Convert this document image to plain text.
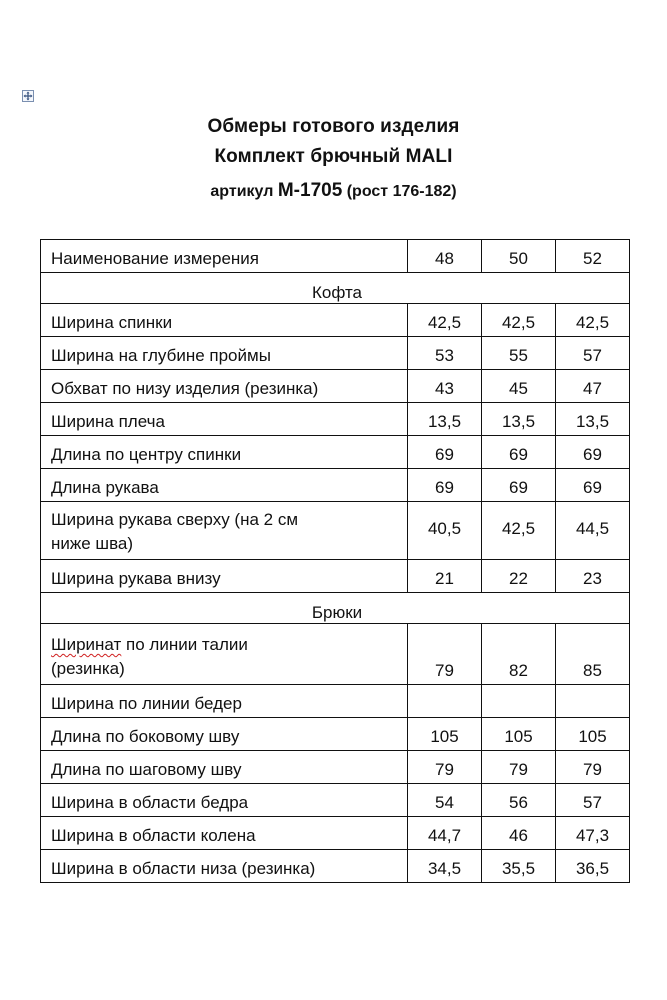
Обмеры готового изделия
Комплект брючный MALI
артикул М-1705 (рост 176-182)
Наименование измерения	48	50	52
Кофта			
Ширина спинки	42,5	42,5	42,5
Ширина на глубине проймы	53	55	57
Обхват по низу изделия (резинка)	43	45	47
Ширина плеча	13,5	13,5	13,5
Длина по центру спинки	69	69	69
Длина рукава	69	69	69
Ширина рукава сверху (на 2 см
ниже шва)	40,5	42,5	44,5
Ширина рукава внизу	21	22	23
Брюки			
Ширинат по линии талии
(резинка)	79	82	85
Ширина по линии бедер			
Длина по боковому шву	105	105	105
Длина по шаговому шву	79	79	79
Ширина в области бедра	54	56	57
Ширина в области колена	44,7	46	47,3
Ширина в области низа (резинка)	34,5	35,5	36,5
